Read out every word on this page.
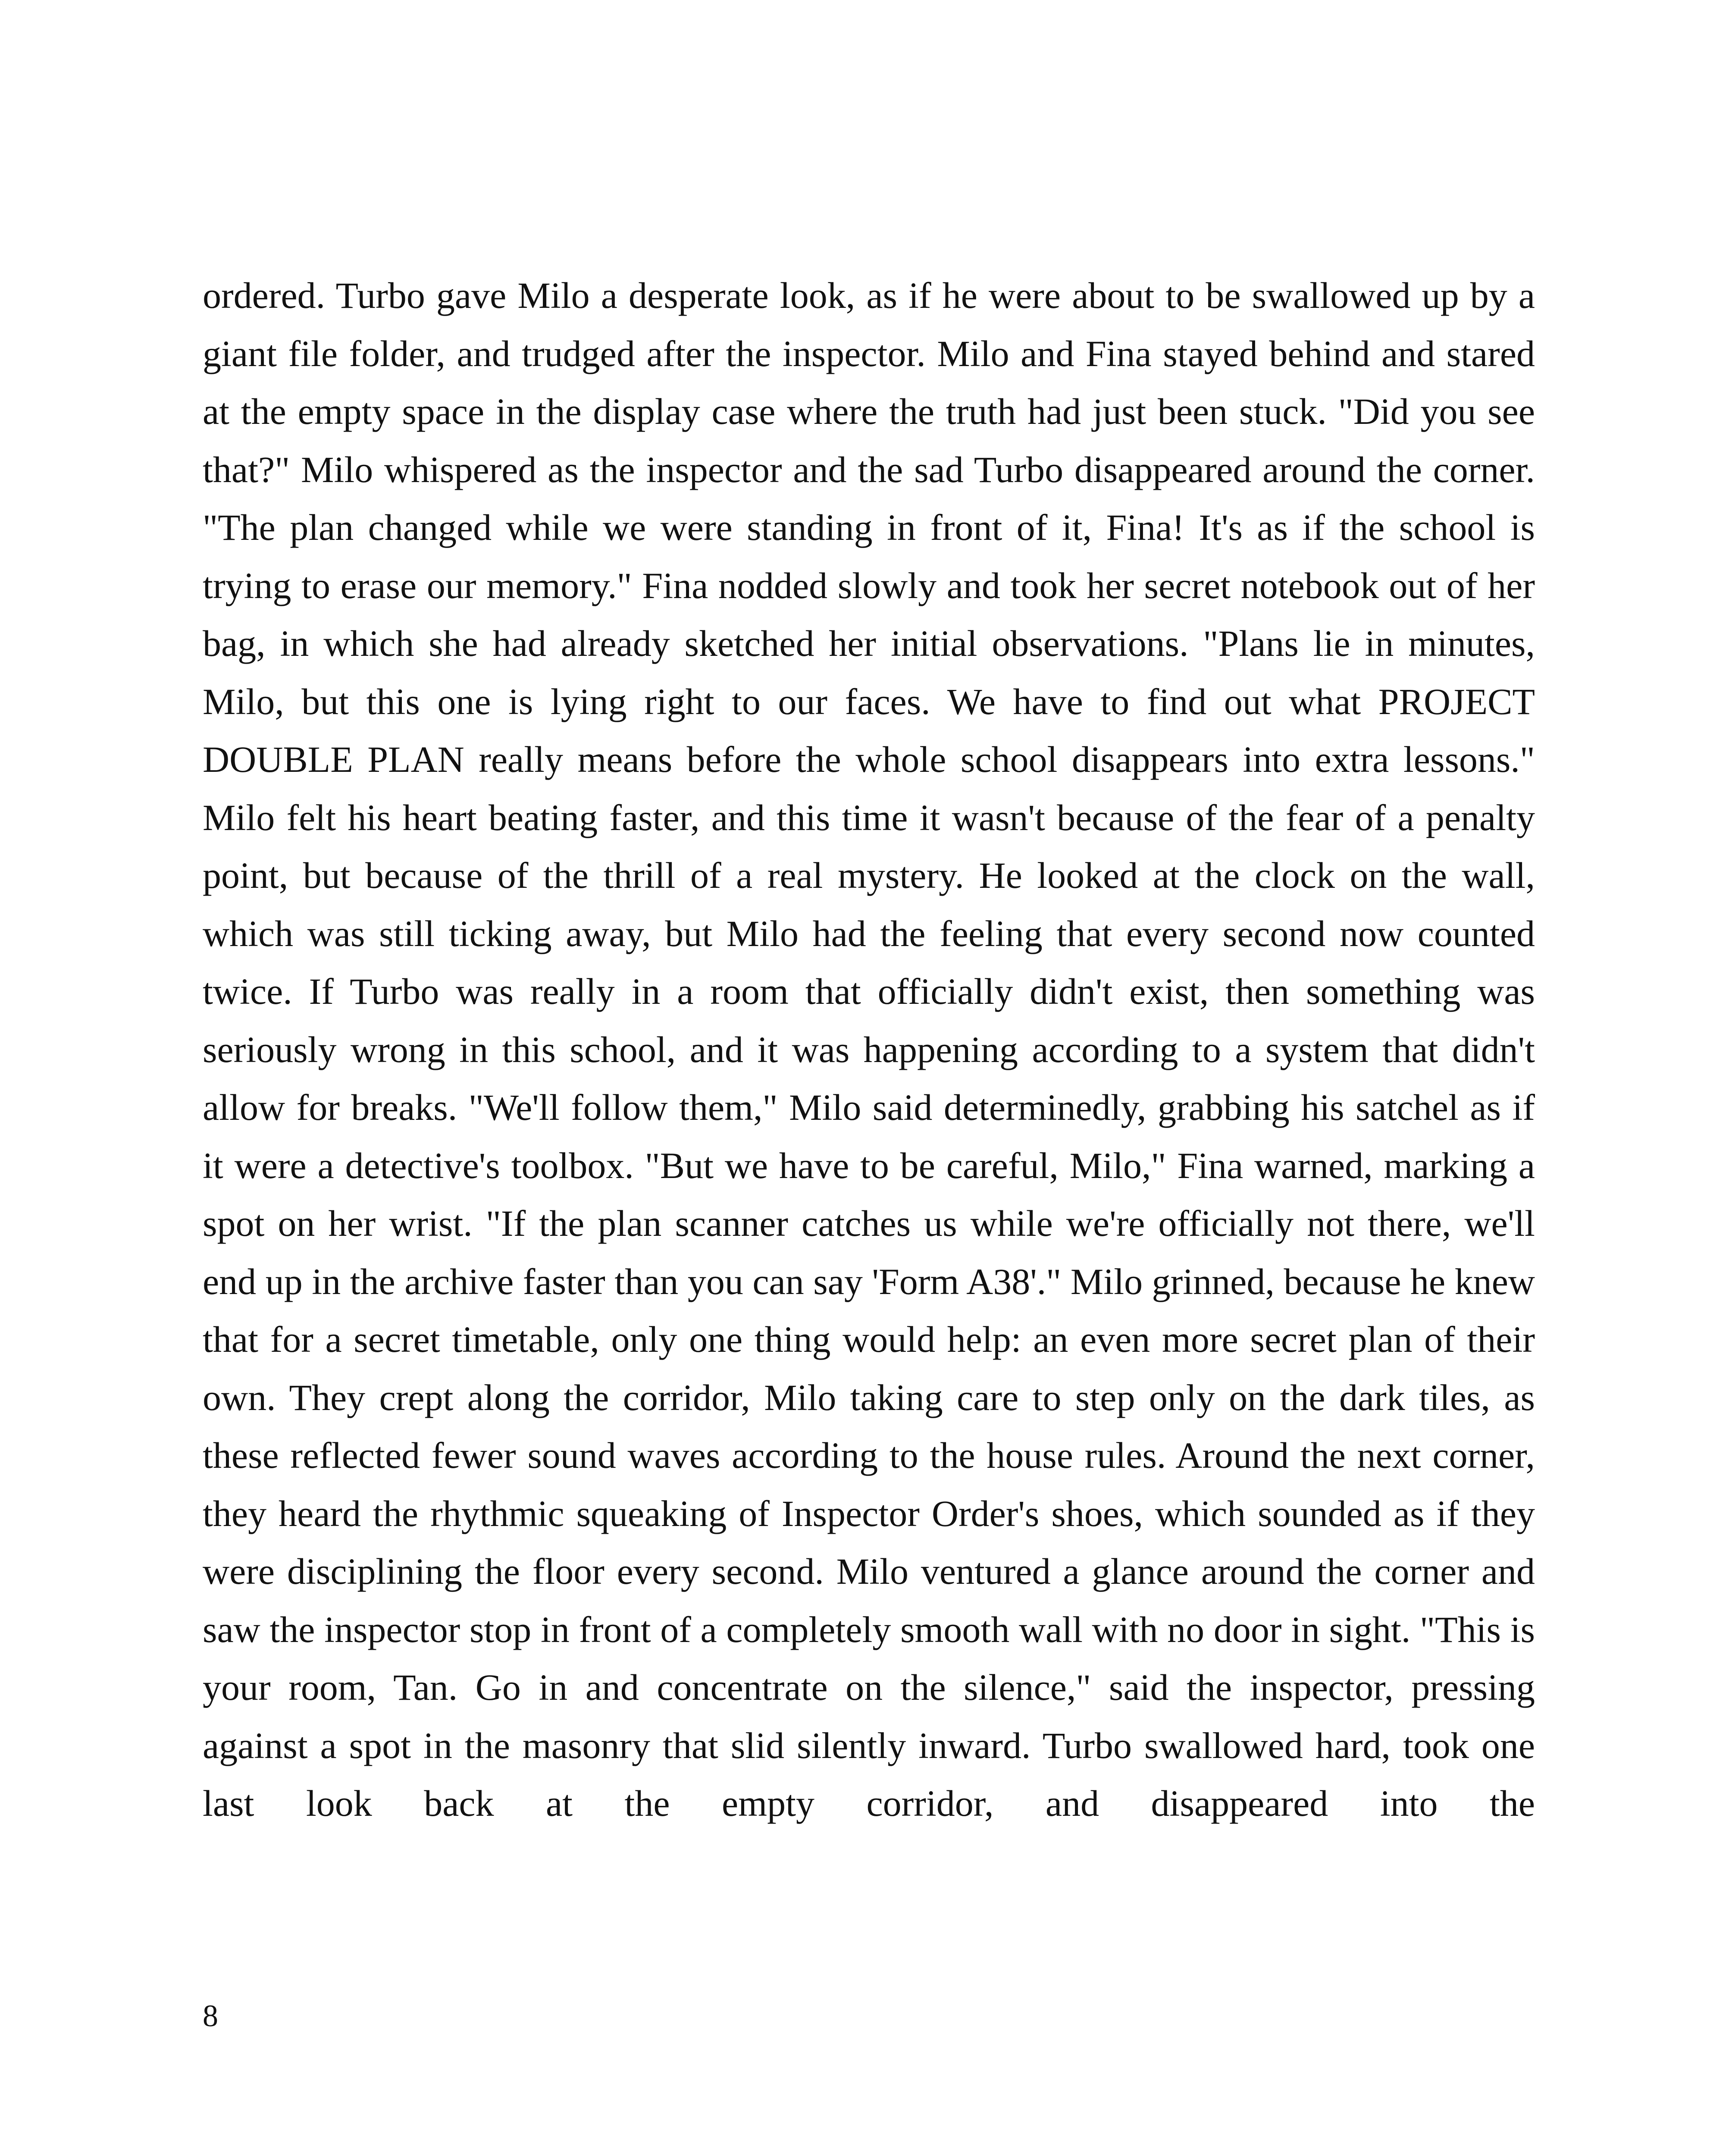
ordered. Turbo gave Milo a desperate look, as if he were about to be swallowed up by a giant file folder, and trudged after the inspector. Milo and Fina stayed behind and stared at the empty space in the display case where the truth had just been stuck. "Did you see that?" Milo whispered as the inspector and the sad Turbo disappeared around the corner. "The plan changed while we were standing in front of it, Fina! It's as if the school is trying to erase our memory." Fina nodded slowly and took her secret notebook out of her bag, in which she had already sketched her initial observations. "Plans lie in minutes, Milo, but this one is lying right to our faces. We have to find out what PROJECT DOUBLE PLAN really means before the whole school disappears into extra lessons." Milo felt his heart beating faster, and this time it wasn't because of the fear of a penalty point, but because of the thrill of a real mystery. He looked at the clock on the wall, which was still ticking away, but Milo had the feeling that every second now counted twice. If Turbo was really in a room that officially didn't exist, then something was seriously wrong in this school, and it was happening according to a system that didn't allow for breaks. "We'll follow them," Milo said determinedly, grabbing his satchel as if it were a detective's toolbox. "But we have to be careful, Milo," Fina warned, marking a spot on her wrist. "If the plan scanner catches us while we're officially not there, we'll end up in the archive faster than you can say 'Form A38'." Milo grinned, because he knew that for a secret timetable, only one thing would help: an even more secret plan of their own. They crept along the corridor, Milo taking care to step only on the dark tiles, as these reflected fewer sound waves according to the house rules. Around the next corner, they heard the rhythmic squeaking of Inspector Order's shoes, which sounded as if they were disciplining the floor every second. Milo ventured a glance around the corner and saw the inspector stop in front of a completely smooth wall with no door in sight. "This is your room, Tan. Go in and concentrate on the silence," said the inspector, pressing against a spot in the masonry that slid silently inward. Turbo swallowed hard, took one last look back at the empty corridor, and disappeared into the

8
